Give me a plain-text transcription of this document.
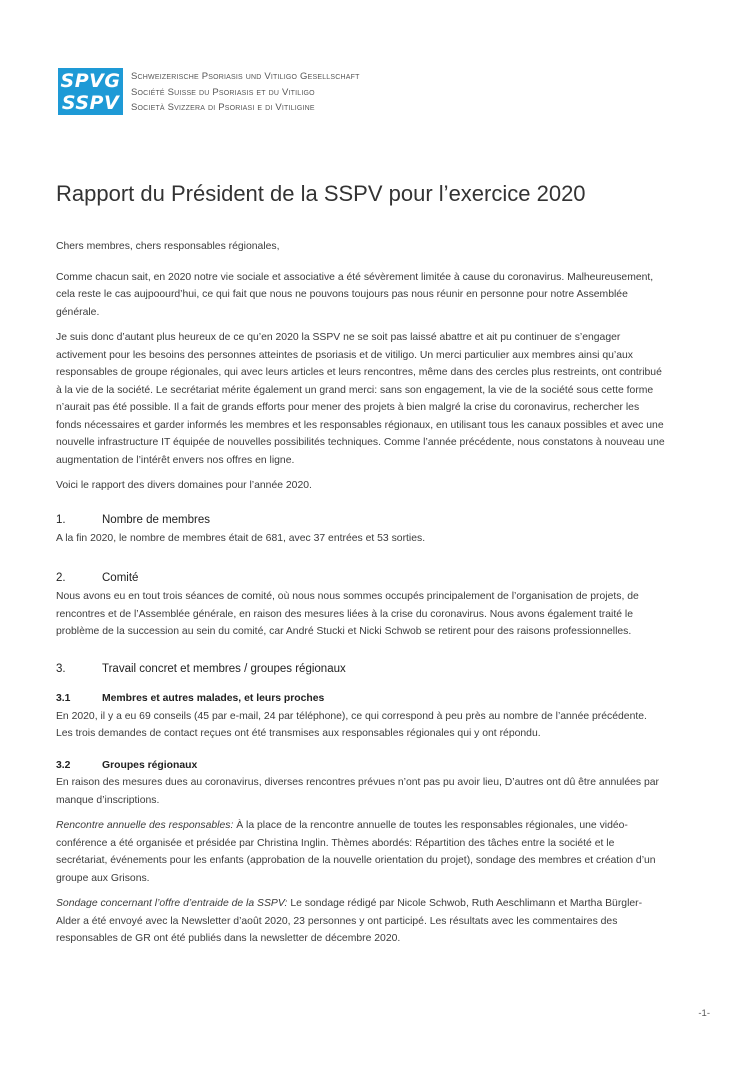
SPVG
SSPV
Schweizerische Psoriasis und Vitiligo Gesellschaft
Société Suisse du Psoriasis et du Vitiligo
Società Svizzera di Psoriasi e di Vitiligine
Rapport du Président de la SSPV pour l’exercice 2020

Chers membres, chers responsables régionales,

Comme chacun sait, en 2020 notre vie sociale et associative a été sévèrement limitée à cause du coronavirus. Malheureusement, cela reste le cas aujpoourd’hui, ce qui fait que nous ne pouvons toujours pas nous réunir en personne pour notre Assemblée générale.

Je suis donc d’autant plus heureux de ce qu’en 2020 la SSPV ne se soit pas laissé abattre et ait pu continuer de s’engager activement pour les besoins des personnes atteintes de psoriasis et de vitiligo. Un merci particulier aux membres ainsi qu’aux responsables de groupe régionales, qui avec leurs articles et leurs rencontres, même dans des cercles plus restreints, ont contribué à la vie de la société. Le secrétariat mérite également un grand merci: sans son engagement, la vie de la société sous cette forme n’aurait pas été possible. Il a fait de grands efforts pour mener des projets à bien malgré la crise du coronavirus, rechercher les fonds nécessaires et garder informés les membres et les responsables régionaux, en utilisant tous les canaux possibles et avec une nouvelle infrastructure IT équipée de nouvelles possibilités techniques. Comme l’année précédente, nous constatons à nouveau une augmentation de l’intérêt envers nos offres en ligne.

Voici le rapport des divers domaines pour l’année 2020.

1.	Nombre de membres

A la fin 2020, le nombre de membres était de 681, avec 37 entrées et 53 sorties.

2.	Comité

Nous avons eu en tout trois séances de comité, où nous nous sommes occupés principalement de l’organisation de projets, de rencontres et de l’Assemblée générale, en raison des mesures liées à la crise du coronavirus. Nous avons également traité le problème de la succession au sein du comité, car André Stucki et Nicki Schwob se retirent pour des raisons professionnelles.

3.	Travail concret et membres / groupes régionaux
3.1	Membres et autres malades, et leurs proches

En 2020, il y a eu 69 conseils (45 par e-mail, 24 par téléphone), ce qui correspond à peu près au nombre de l’année précédente. Les trois demandes de contact reçues ont été transmises aux responsables régionales qui y ont répondu.

3.2	Groupes régionaux

En raison des mesures dues au coronavirus, diverses rencontres prévues n’ont pas pu avoir lieu, D’autres ont dû être annulées par manque d’inscriptions.

Rencontre annuelle des responsables: À la place de la rencontre annuelle de toutes les responsables régionales, une vidéo-conférence a été organisée et présidée par Christina Inglin. Thèmes abordés: Répartition des tâches entre la société et le secrétariat, événements pour les enfants (approbation de la nouvelle orientation du projet), sondage des membres et création d’un groupe aux Grisons.

Sondage concernant l’offre d’entraide de la SSPV: Le sondage rédigé par Nicole Schwob, Ruth Aeschlimann et Martha Bürgler-Alder a été envoyé avec la Newsletter d’août 2020, 23 personnes y ont participé. Les résultats avec les commentaires des responsables de GR ont été publiés dans la newsletter de décembre 2020.

-1-
